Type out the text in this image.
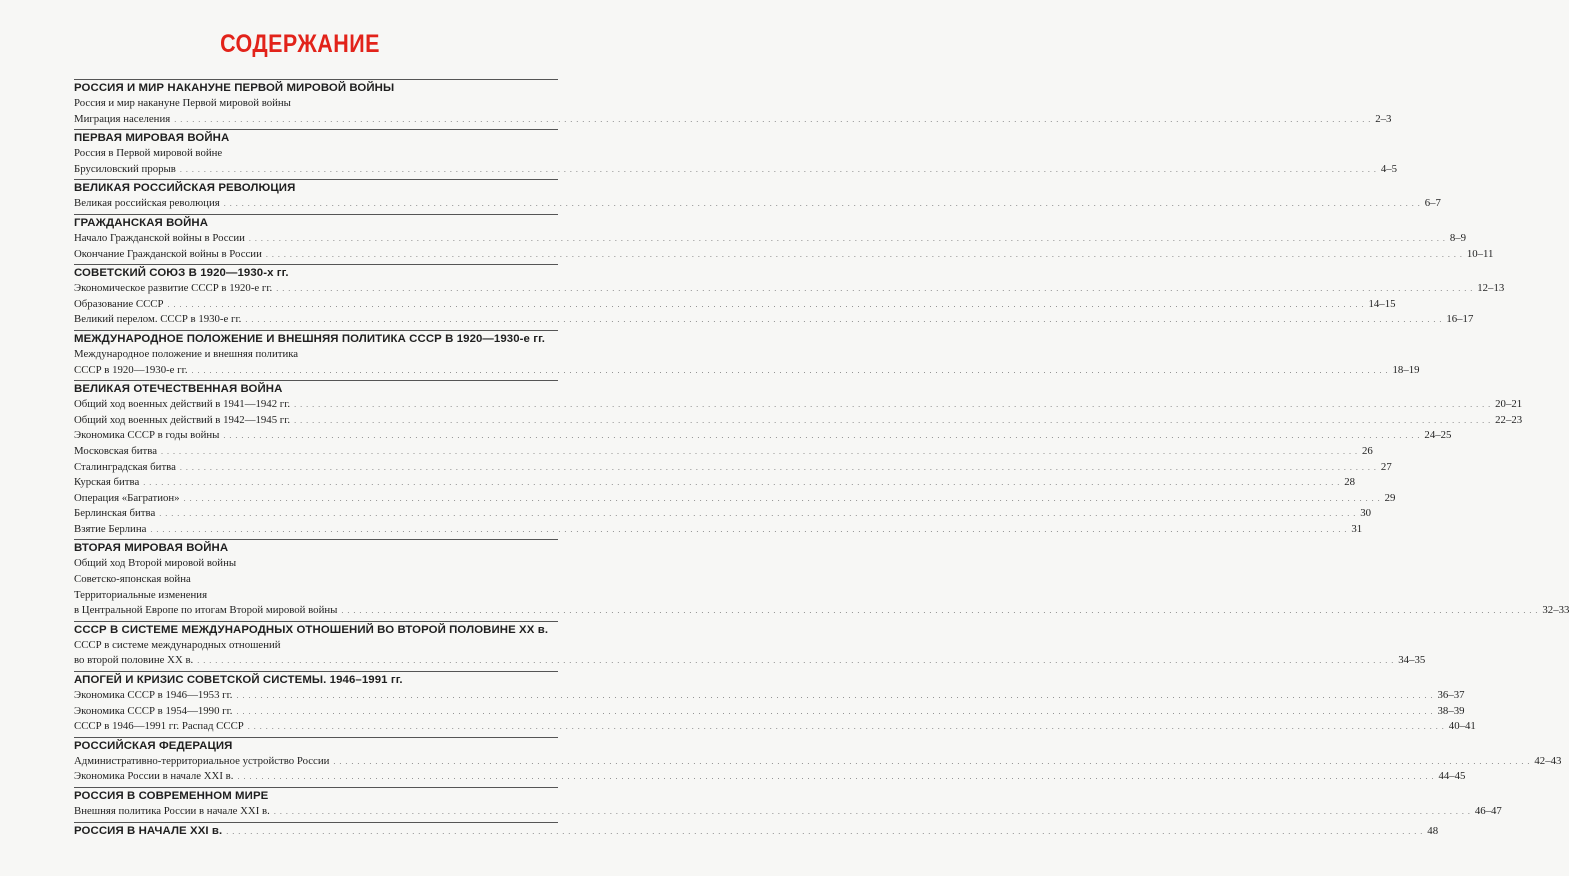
СОДЕРЖАНИЕ
РОССИЯ И МИР НАКАНУНЕ ПЕРВОЙ МИРОВОЙ ВОЙНЫ
Россия и мир накануне Первой мировой войны
Миграция населения . . . . . . . . . . . . . . . . . . . . . . . . . . . . . . . . . . . . . . . . . . . . . . . . . . . . . . . . . . . . . . . . . . . . . . . . . . . . . . . . . . . . . . . . . . . . . . . . . . . . . . . . . . . . . . . . . . . . . . . . . . . . . . . . . . . . . . . . . . . . . . . . . . . . . . . . . . . . . . . . . . . . . . . . . . . . . . . . . . . . . . . . . . . . . . . . . . . . . . . . 2–3
ПЕРВАЯ МИРОВАЯ ВОЙНА
Россия в Первой мировой войне
Брусиловский прорыв . . . . . . . . . . . . . . . . . . . . . . . . . . . . . . . . . . . . . . . . . . . . . . . . . . . . . . . . . . . . . . . . . . . . . . . . . . . . . . . . . . . . . . . . . . . . . . . . . . . . . . . . . . . . . . . . . . . . . . . . . . . . . . . . . . . . . . . . . . . . . . . . . . . . . . . . . . . . . . . . . . . . . . . . . . . . . . . . . . . . . . . . . . . . . . . . . . . . . . . . 4–5
ВЕЛИКАЯ РОССИЙСКАЯ РЕВОЛЮЦИЯ
Великая российская революция . . . . . . . . . . . . . . . . . . . . . . . . . . . . . . . . . . . . . . . . . . . . . . . . . . . . . . . . . . . . . . . . . . . . . . . . . . . . . . . . . . . . . . . . . . . . . . . . . . . . . . . . . . . . . . . . . . . . . . . . . . . . . . . . . . . . . . . . . . . . . . . . . . . . . . . . . . . . . . . . . . . . . . . . . . . . . . . . . . . . . . . . . . . . . . . . . . . . . . . . 6–7
ГРАЖДАНСКАЯ ВОЙНА
Начало Гражданской войны в России . . . . . . . . . . . . . . . . . . . . . . . . . . . . . . . . . . . . . . . . . . . . . . . . . . . . . . . . . . . . . . . . . . . . . . . . . . . . . . . . . . . . . . . . . . . . . . . . . . . . . . . . . . . . . . . . . . . . . . . . . . . . . . . . . . . . . . . . . . . . . . . . . . . . . . . . . . . . . . . . . . . . . . . . . . . . . . . . . . . . . . . . . . . . . . . . . . . . . . . . 8–9
Окончание Гражданской войны в России . . . . . . . . . . . . . . . . . . . . . . . . . . . . . . . . . . . . . . . . . . . . . . . . . . . . . . . . . . . . . . . . . . . . . . . . . . . . . . . . . . . . . . . . . . . . . . . . . . . . . . . . . . . . . . . . . . . . . . . . . . . . . . . . . . . . . . . . . . . . . . . . . . . . . . . . . . . . . . . . . . . . . . . . . . . . . . . . . . . . . . . . . . . . . . . . . . . . . . . . 10–11
СОВЕТСКИЙ СОЮЗ В 1920—1930-х гг.
Экономическое развитие СССР в 1920-е гг. . . . . . . . . . . . . . . . . . . . . . . . . . . . . . . . . . . . . . . . . . . . . . . . . . . . . . . . . . . . . . . . . . . . . . . . . . . . . . . . . . . . . . . . . . . . . . . . . . . . . . . . . . . . . . . . . . . . . . . . . . . . . . . . . . . . . . . . . . . . . . . . . . . . . . . . . . . . . . . . . . . . . . . . . . . . . . . . . . . . . . . . . . . . . . . . . . . . . . . . . 12–13
Образование СССР . . . . . . . . . . . . . . . . . . . . . . . . . . . . . . . . . . . . . . . . . . . . . . . . . . . . . . . . . . . . . . . . . . . . . . . . . . . . . . . . . . . . . . . . . . . . . . . . . . . . . . . . . . . . . . . . . . . . . . . . . . . . . . . . . . . . . . . . . . . . . . . . . . . . . . . . . . . . . . . . . . . . . . . . . . . . . . . . . . . . . . . . . . . . . . . . . . . . . . . . 14–15
Великий перелом. СССР в 1930-е гг. . . . . . . . . . . . . . . . . . . . . . . . . . . . . . . . . . . . . . . . . . . . . . . . . . . . . . . . . . . . . . . . . . . . . . . . . . . . . . . . . . . . . . . . . . . . . . . . . . . . . . . . . . . . . . . . . . . . . . . . . . . . . . . . . . . . . . . . . . . . . . . . . . . . . . . . . . . . . . . . . . . . . . . . . . . . . . . . . . . . . . . . . . . . . . . . . . . . . . . . . 16–17
МЕЖДУНАРОДНОЕ ПОЛОЖЕНИЕ И ВНЕШНЯЯ ПОЛИТИКА СССР В 1920—1930-е гг.
Международное положение и внешняя политика
СССР в 1920—1930-е гг. . . . . . . . . . . . . . . . . . . . . . . . . . . . . . . . . . . . . . . . . . . . . . . . . . . . . . . . . . . . . . . . . . . . . . . . . . . . . . . . . . . . . . . . . . . . . . . . . . . . . . . . . . . . . . . . . . . . . . . . . . . . . . . . . . . . . . . . . . . . . . . . . . . . . . . . . . . . . . . . . . . . . . . . . . . . . . . . . . . . . . . . . . . . . . . . . . . . . . . . . 18–19
ВЕЛИКАЯ ОТЕЧЕСТВЕННАЯ ВОЙНА
Общий ход военных действий в 1941—1942 гг. . . . . . . . . . . . . . . . . . . . . . . . . . . . . . . . . . . . . . . . . . . . . . . . . . . . . . . . . . . . . . . . . . . . . . . . . . . . . . . . . . . . . . . . . . . . . . . . . . . . . . . . . . . . . . . . . . . . . . . . . . . . . . . . . . . . . . . . . . . . . . . . . . . . . . . . . . . . . . . . . . . . . . . . . . . . . . . . . . . . . . . . . . . . . . . . . . . . . . . . . 20–21
Общий ход военных действий в 1942—1945 гг. . . . . . . . . . . . . . . . . . . . . . . . . . . . . . . . . . . . . . . . . . . . . . . . . . . . . . . . . . . . . . . . . . . . . . . . . . . . . . . . . . . . . . . . . . . . . . . . . . . . . . . . . . . . . . . . . . . . . . . . . . . . . . . . . . . . . . . . . . . . . . . . . . . . . . . . . . . . . . . . . . . . . . . . . . . . . . . . . . . . . . . . . . . . . . . . . . . . . . . . . 22–23
Экономика СССР в годы войны . . . . . . . . . . . . . . . . . . . . . . . . . . . . . . . . . . . . . . . . . . . . . . . . . . . . . . . . . . . . . . . . . . . . . . . . . . . . . . . . . . . . . . . . . . . . . . . . . . . . . . . . . . . . . . . . . . . . . . . . . . . . . . . . . . . . . . . . . . . . . . . . . . . . . . . . . . . . . . . . . . . . . . . . . . . . . . . . . . . . . . . . . . . . . . . . . . . . . . . . 24–25
Московская битва . . . . . . . . . . . . . . . . . . . . . . . . . . . . . . . . . . . . . . . . . . . . . . . . . . . . . . . . . . . . . . . . . . . . . . . . . . . . . . . . . . . . . . . . . . . . . . . . . . . . . . . . . . . . . . . . . . . . . . . . . . . . . . . . . . . . . . . . . . . . . . . . . . . . . . . . . . . . . . . . . . . . . . . . . . . . . . . . . . . . . . . . . . . . . . . . . . . . . . . . 26
Сталинградская битва . . . . . . . . . . . . . . . . . . . . . . . . . . . . . . . . . . . . . . . . . . . . . . . . . . . . . . . . . . . . . . . . . . . . . . . . . . . . . . . . . . . . . . . . . . . . . . . . . . . . . . . . . . . . . . . . . . . . . . . . . . . . . . . . . . . . . . . . . . . . . . . . . . . . . . . . . . . . . . . . . . . . . . . . . . . . . . . . . . . . . . . . . . . . . . . . . . . . . . . . 27
Курская битва . . . . . . . . . . . . . . . . . . . . . . . . . . . . . . . . . . . . . . . . . . . . . . . . . . . . . . . . . . . . . . . . . . . . . . . . . . . . . . . . . . . . . . . . . . . . . . . . . . . . . . . . . . . . . . . . . . . . . . . . . . . . . . . . . . . . . . . . . . . . . . . . . . . . . . . . . . . . . . . . . . . . . . . . . . . . . . . . . . . . . . . . . . . . . . . . . . . . . . . . 28
Операция «Багратион» . . . . . . . . . . . . . . . . . . . . . . . . . . . . . . . . . . . . . . . . . . . . . . . . . . . . . . . . . . . . . . . . . . . . . . . . . . . . . . . . . . . . . . . . . . . . . . . . . . . . . . . . . . . . . . . . . . . . . . . . . . . . . . . . . . . . . . . . . . . . . . . . . . . . . . . . . . . . . . . . . . . . . . . . . . . . . . . . . . . . . . . . . . . . . . . . . . . . . . . . 29
Берлинская битва . . . . . . . . . . . . . . . . . . . . . . . . . . . . . . . . . . . . . . . . . . . . . . . . . . . . . . . . . . . . . . . . . . . . . . . . . . . . . . . . . . . . . . . . . . . . . . . . . . . . . . . . . . . . . . . . . . . . . . . . . . . . . . . . . . . . . . . . . . . . . . . . . . . . . . . . . . . . . . . . . . . . . . . . . . . . . . . . . . . . . . . . . . . . . . . . . . . . . . . . 30
Взятие Берлина . . . . . . . . . . . . . . . . . . . . . . . . . . . . . . . . . . . . . . . . . . . . . . . . . . . . . . . . . . . . . . . . . . . . . . . . . . . . . . . . . . . . . . . . . . . . . . . . . . . . . . . . . . . . . . . . . . . . . . . . . . . . . . . . . . . . . . . . . . . . . . . . . . . . . . . . . . . . . . . . . . . . . . . . . . . . . . . . . . . . . . . . . . . . . . . . . . . . . . . . 31
ВТОРАЯ МИРОВАЯ ВОЙНА
Общий ход Второй мировой войны
Советско-японская война
Территориальные изменения
в Центральной Европе по итогам Второй мировой войны . . . . . . . . . . . . . . . . . . . . . . . . . . . . . . . . . . . . . . . . . . . . . . . . . . . . . . . . . . . . . . . . . . . . . . . . . . . . . . . . . . . . . . . . . . . . . . . . . . . . . . . . . . . . . . . . . . . . . . . . . . . . . . . . . . . . . . . . . . . . . . . . . . . . . . . . . . . . . . . . . . . . . . . . . . . . . . . . . . . . . . . . . . . . . . . . . . . . . . . . 32–33
СССР В СИСТЕМЕ МЕЖДУНАРОДНЫХ ОТНОШЕНИЙ ВО ВТОРОЙ ПОЛОВИНЕ XX в.
СССР в системе международных отношений
во второй половине XX в. . . . . . . . . . . . . . . . . . . . . . . . . . . . . . . . . . . . . . . . . . . . . . . . . . . . . . . . . . . . . . . . . . . . . . . . . . . . . . . . . . . . . . . . . . . . . . . . . . . . . . . . . . . . . . . . . . . . . . . . . . . . . . . . . . . . . . . . . . . . . . . . . . . . . . . . . . . . . . . . . . . . . . . . . . . . . . . . . . . . . . . . . . . . . . . . . . . . . . . . . 34–35
АПОГЕЙ И КРИЗИС СОВЕТСКОЙ СИСТЕМЫ. 1946–1991 гг.
Экономика СССР в 1946—1953 гг. . . . . . . . . . . . . . . . . . . . . . . . . . . . . . . . . . . . . . . . . . . . . . . . . . . . . . . . . . . . . . . . . . . . . . . . . . . . . . . . . . . . . . . . . . . . . . . . . . . . . . . . . . . . . . . . . . . . . . . . . . . . . . . . . . . . . . . . . . . . . . . . . . . . . . . . . . . . . . . . . . . . . . . . . . . . . . . . . . . . . . . . . . . . . . . . . . . . . . . . . 36–37
Экономика СССР в 1954—1990 гг. . . . . . . . . . . . . . . . . . . . . . . . . . . . . . . . . . . . . . . . . . . . . . . . . . . . . . . . . . . . . . . . . . . . . . . . . . . . . . . . . . . . . . . . . . . . . . . . . . . . . . . . . . . . . . . . . . . . . . . . . . . . . . . . . . . . . . . . . . . . . . . . . . . . . . . . . . . . . . . . . . . . . . . . . . . . . . . . . . . . . . . . . . . . . . . . . . . . . . . . . 38–39
СССР в 1946—1991 гг. Распад СССР . . . . . . . . . . . . . . . . . . . . . . . . . . . . . . . . . . . . . . . . . . . . . . . . . . . . . . . . . . . . . . . . . . . . . . . . . . . . . . . . . . . . . . . . . . . . . . . . . . . . . . . . . . . . . . . . . . . . . . . . . . . . . . . . . . . . . . . . . . . . . . . . . . . . . . . . . . . . . . . . . . . . . . . . . . . . . . . . . . . . . . . . . . . . . . . . . . . . . . . . 40–41
РОССИЙСКАЯ ФЕДЕРАЦИЯ
Административно-территориальное устройство России . . . . . . . . . . . . . . . . . . . . . . . . . . . . . . . . . . . . . . . . . . . . . . . . . . . . . . . . . . . . . . . . . . . . . . . . . . . . . . . . . . . . . . . . . . . . . . . . . . . . . . . . . . . . . . . . . . . . . . . . . . . . . . . . . . . . . . . . . . . . . . . . . . . . . . . . . . . . . . . . . . . . . . . . . . . . . . . . . . . . . . . . . . . . . . . . . . . . . . . . 42–43
Экономика России в начале XXI в. . . . . . . . . . . . . . . . . . . . . . . . . . . . . . . . . . . . . . . . . . . . . . . . . . . . . . . . . . . . . . . . . . . . . . . . . . . . . . . . . . . . . . . . . . . . . . . . . . . . . . . . . . . . . . . . . . . . . . . . . . . . . . . . . . . . . . . . . . . . . . . . . . . . . . . . . . . . . . . . . . . . . . . . . . . . . . . . . . . . . . . . . . . . . . . . . . . . . . . . . 44–45
РОССИЯ В СОВРЕМЕННОМ МИРЕ
Внешняя политика России в начале XXI в. . . . . . . . . . . . . . . . . . . . . . . . . . . . . . . . . . . . . . . . . . . . . . . . . . . . . . . . . . . . . . . . . . . . . . . . . . . . . . . . . . . . . . . . . . . . . . . . . . . . . . . . . . . . . . . . . . . . . . . . . . . . . . . . . . . . . . . . . . . . . . . . . . . . . . . . . . . . . . . . . . . . . . . . . . . . . . . . . . . . . . . . . . . . . . . . . . . . . . . . . 46–47
РОССИЯ В НАЧАЛЕ XXI в. . . . . . . . . . . . . . . . . . . . . . . . . . . . . . . . . . . . . . . . . . . . . . . . . . . . . . . . . . . . . . . . . . . . . . . . . . . . . . . . . . . . . . . . . . . . . . . . . . . . . . . . . . . . . . . . . . . . . . . . . . . . . . . . . . . . . . . . . . . . . . . . . . . . . . . . . . . . . . . . . . . . . . . . . . . . . . . . . . . . . . . . . . . . . . . . . . . . . . . . . 48
